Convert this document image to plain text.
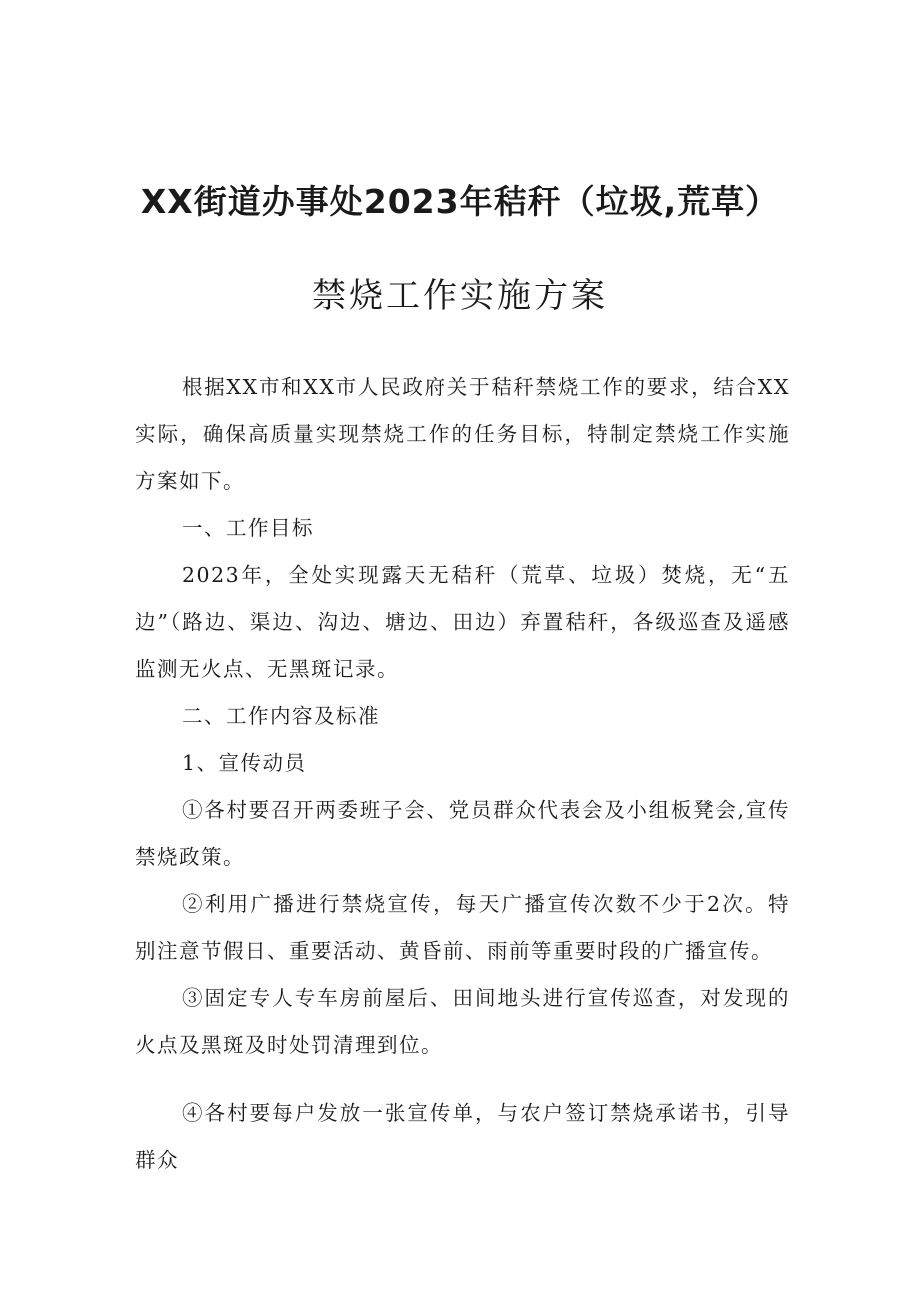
XX街道办事处2023年秸秆（垃圾,荒草）
禁烧工作实施方案

根据XX市和XX市人民政府关于秸秆禁烧工作的要求，结合XX实际，确保高质量实现禁烧工作的任务目标，特制定禁烧工作实施方案如下。

一、工作目标

2023年，全处实现露天无秸秆（荒草、垃圾）焚烧，无“五边”（路边、渠边、沟边、塘边、田边）弃置秸秆，各级巡查及遥感监测无火点、无黑斑记录。

二、工作内容及标准

1、宣传动员

①各村要召开两委班子会、党员群众代表会及小组板凳会,宣传禁烧政策。

②利用广播进行禁烧宣传，每天广播宣传次数不少于2次。特别注意节假日、重要活动、黄昏前、雨前等重要时段的广播宣传。

③固定专人专车房前屋后、田间地头进行宣传巡查，对发现的火点及黑斑及时处罚清理到位。

④各村要每户发放一张宣传单，与农户签订禁烧承诺书，引导群众
